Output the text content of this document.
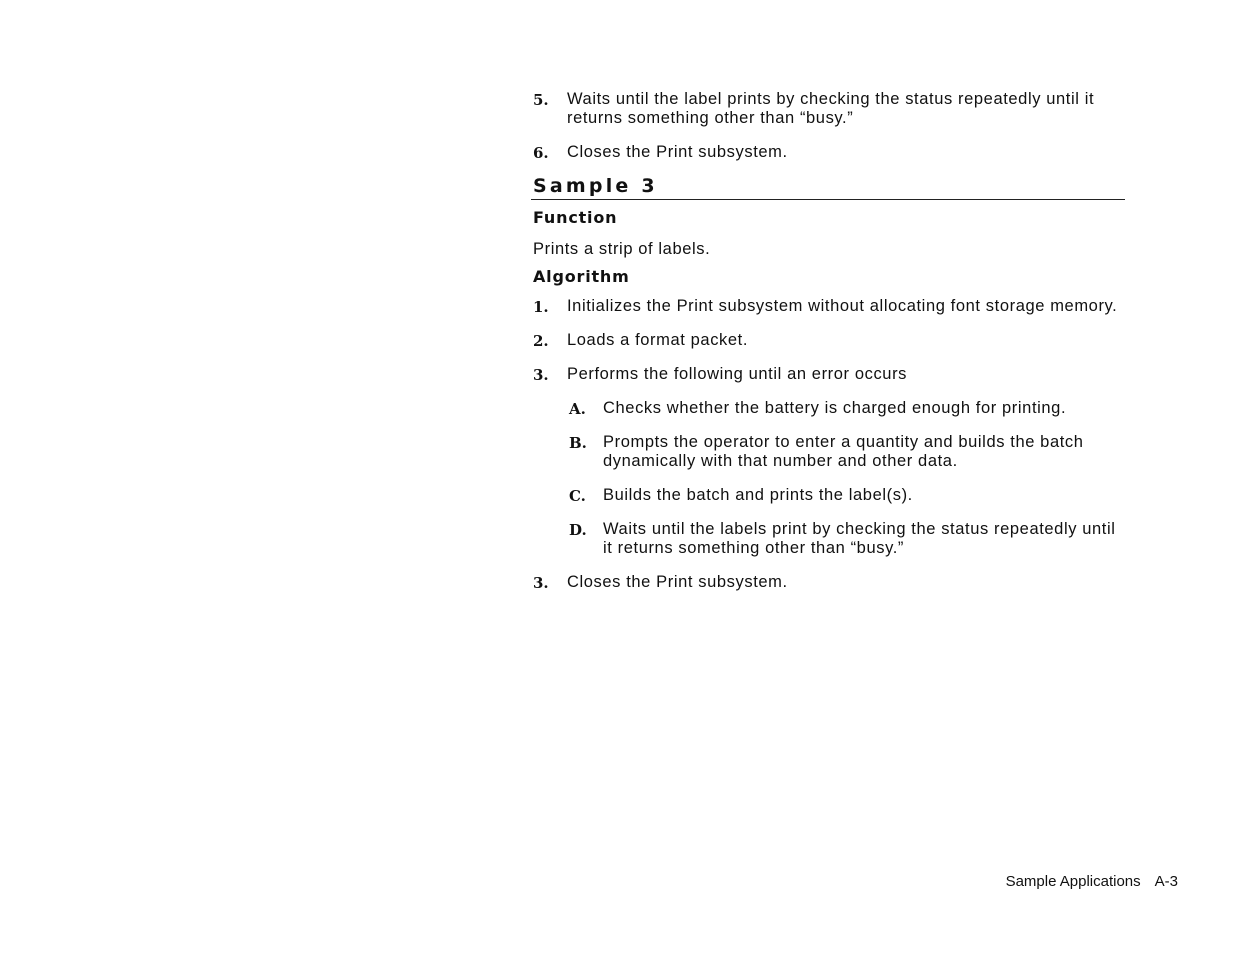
5. Waits until the label prints by checking the status repeatedly until it returns something other than “busy.”
6. Closes the Print subsystem.
Sample 3
Function
Prints a strip of labels.
Algorithm
1. Initializes the Print subsystem without allocating font storage memory.
2. Loads a format packet.
3. Performs the following until an error occurs
A. Checks whether the battery is charged enough for printing.
B. Prompts the operator to enter a quantity and builds the batch dynamically with that number and other data.
C. Builds the batch and prints the label(s).
D. Waits until the labels print by checking the status repeatedly until it returns something other than “busy.”
3. Closes the Print subsystem.
Sample Applications A-3
